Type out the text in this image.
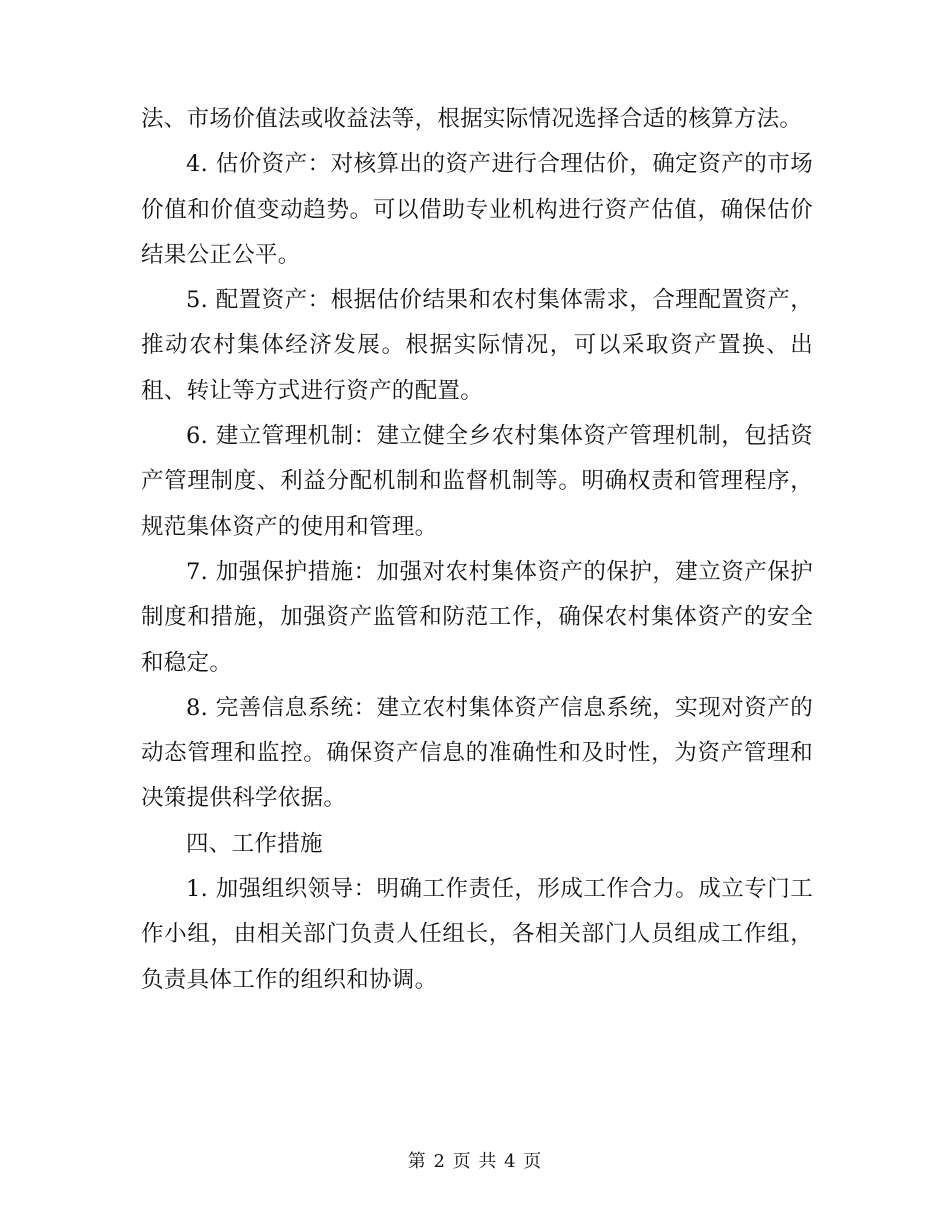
法、市场价值法或收益法等，根据实际情况选择合适的核算方法。

4. 估价资产：对核算出的资产进行合理估价，确定资产的市场价值和价值变动趋势。可以借助专业机构进行资产估值，确保估价结果公正公平。

5. 配置资产：根据估价结果和农村集体需求，合理配置资产，推动农村集体经济发展。根据实际情况，可以采取资产置换、出租、转让等方式进行资产的配置。

6. 建立管理机制：建立健全乡农村集体资产管理机制，包括资产管理制度、利益分配机制和监督机制等。明确权责和管理程序，规范集体资产的使用和管理。

7. 加强保护措施：加强对农村集体资产的保护，建立资产保护制度和措施，加强资产监管和防范工作，确保农村集体资产的安全和稳定。

8. 完善信息系统：建立农村集体资产信息系统，实现对资产的动态管理和监控。确保资产信息的准确性和及时性，为资产管理和决策提供科学依据。

四、工作措施

1. 加强组织领导：明确工作责任，形成工作合力。成立专门工作小组，由相关部门负责人任组长，各相关部门人员组成工作组，负责具体工作的组织和协调。

第 2 页 共 4 页
